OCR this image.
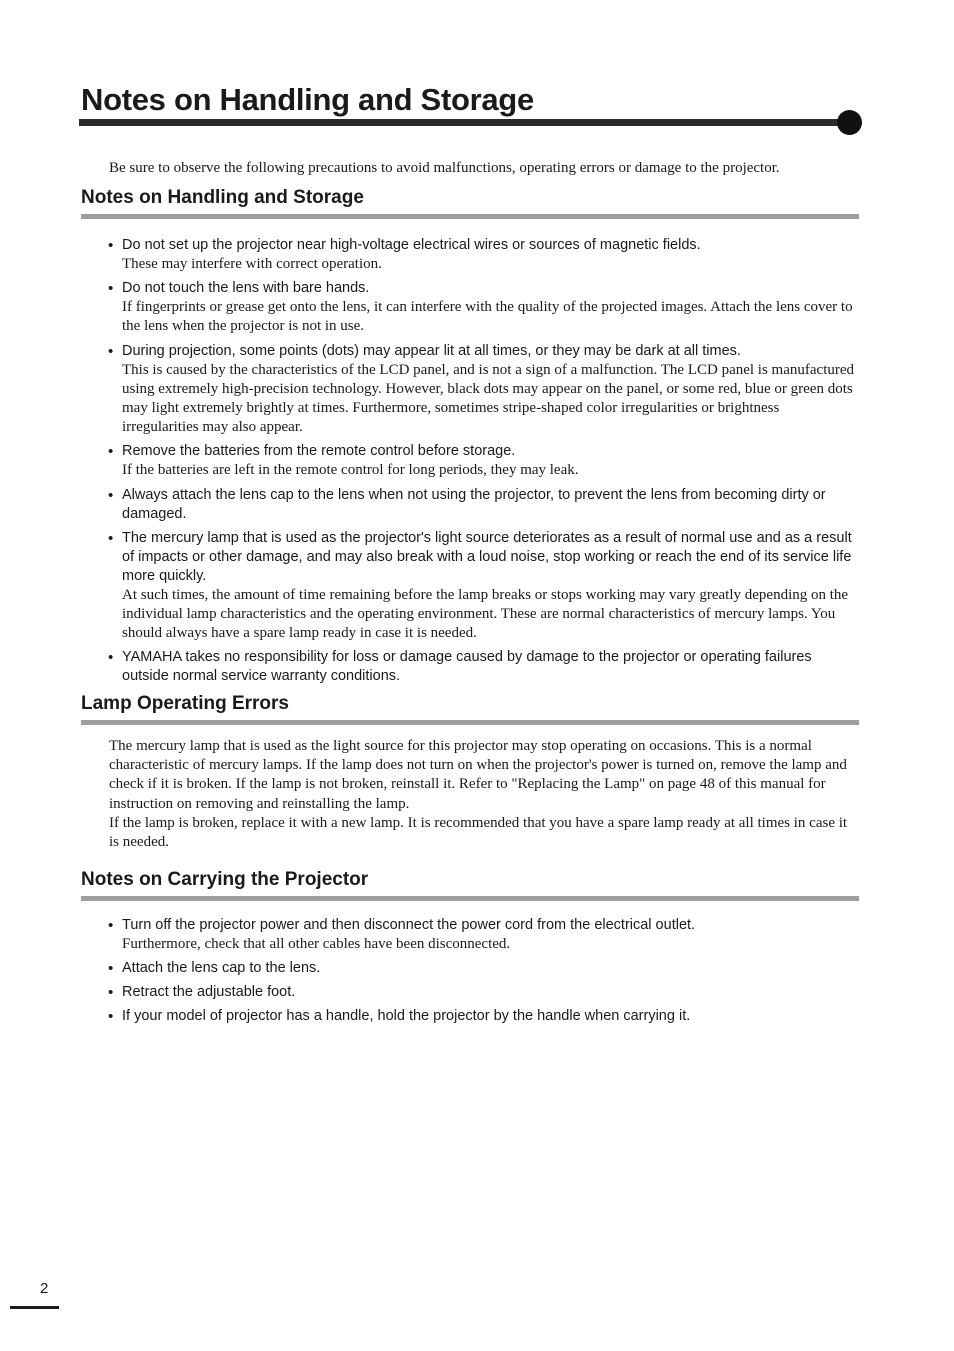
Notes on Handling and Storage

Be sure to observe the following precautions to avoid malfunctions, operating errors or damage to the projector.

Notes on Handling and Storage
• Do not set up the projector near high-voltage electrical wires or sources of magnetic fields.
These may interfere with correct operation.
• Do not touch the lens with bare hands.
If fingerprints or grease get onto the lens, it can interfere with the quality of the projected images. Attach the lens cover to the lens when the projector is not in use.
• During projection, some points (dots) may appear lit at all times, or they may be dark at all times.
This is caused by the characteristics of the LCD panel, and is not a sign of a malfunction. The LCD panel is manufactured using extremely high-precision technology. However, black dots may appear on the panel, or some red, blue or green dots may light extremely brightly at times. Furthermore, sometimes stripe-shaped color irregularities or brightness irregularities may also appear.
• Remove the batteries from the remote control before storage.
If the batteries are left in the remote control for long periods, they may leak.
• Always attach the lens cap to the lens when not using the projector, to prevent the lens from becoming dirty or damaged.
• The mercury lamp that is used as the projector's light source deteriorates as a result of normal use and as a result of impacts or other damage, and may also break with a loud noise, stop working or reach the end of its service life more quickly.
At such times, the amount of time remaining before the lamp breaks or stops working may vary greatly depending on the individual lamp characteristics and the operating environment. These are normal characteristics of mercury lamps. You should always have a spare lamp ready in case it is needed.
• YAMAHA takes no responsibility for loss or damage caused by damage to the projector or operating failures outside normal service warranty conditions.
Lamp Operating Errors

The mercury lamp that is used as the light source for this projector may stop operating on occasions. This is a normal characteristic of mercury lamps. If the lamp does not turn on when the projector's power is turned on, remove the lamp and check if it is broken. If the lamp is not broken, reinstall it. Refer to "Replacing the Lamp" on page 48 of this manual for instruction on removing and reinstalling the lamp.

If the lamp is broken, replace it with a new lamp. It is recommended that you have a spare lamp ready at all times in case it is needed.

Notes on Carrying the Projector
• Turn off the projector power and then disconnect the power cord from the electrical outlet.
Furthermore, check that all other cables have been disconnected.
• Attach the lens cap to the lens.
• Retract the adjustable foot.
• If your model of projector has a handle, hold the projector by the handle when carrying it.
2
